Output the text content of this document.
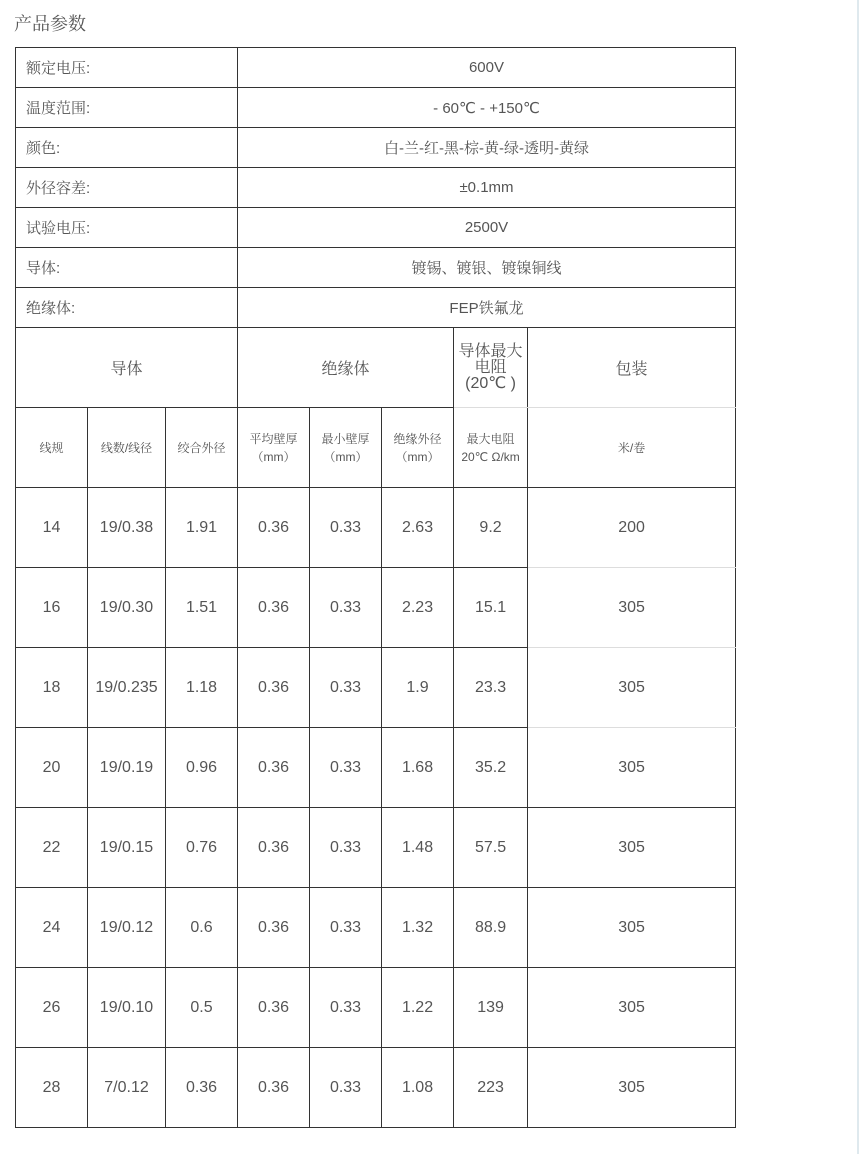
产品参数
额定电压:	600V
温度范围:	- 60℃ - +150℃
颜色:	白-兰-红-黑-棕-黄-绿-透明-黄绿
外径容差:	±0.1mm
试验电压:	2500V
导体:	镀锡、镀银、镀镍铜线
绝缘体:	FEP铁氟龙
导体			绝缘体			导体最大电阻(20℃ )	包装
线规	线数/线径	绞合外径	平均壁厚（mm）	最小壁厚（mm）	绝缘外径（mm）	最大电阻20℃ Ω/km	米/卷
14	19/0.38	1.91	0.36	0.33	2.63	9.2	200
16	19/0.30	1.51	0.36	0.33	2.23	15.1	305
18	19/0.235	1.18	0.36	0.33	1.9	23.3	305
20	19/0.19	0.96	0.36	0.33	1.68	35.2	305
22	19/0.15	0.76	0.36	0.33	1.48	57.5	305
24	19/0.12	0.6	0.36	0.33	1.32	88.9	305
26	19/0.10	0.5	0.36	0.33	1.22	139	305
28	7/0.12	0.36	0.36	0.33	1.08	223	305
